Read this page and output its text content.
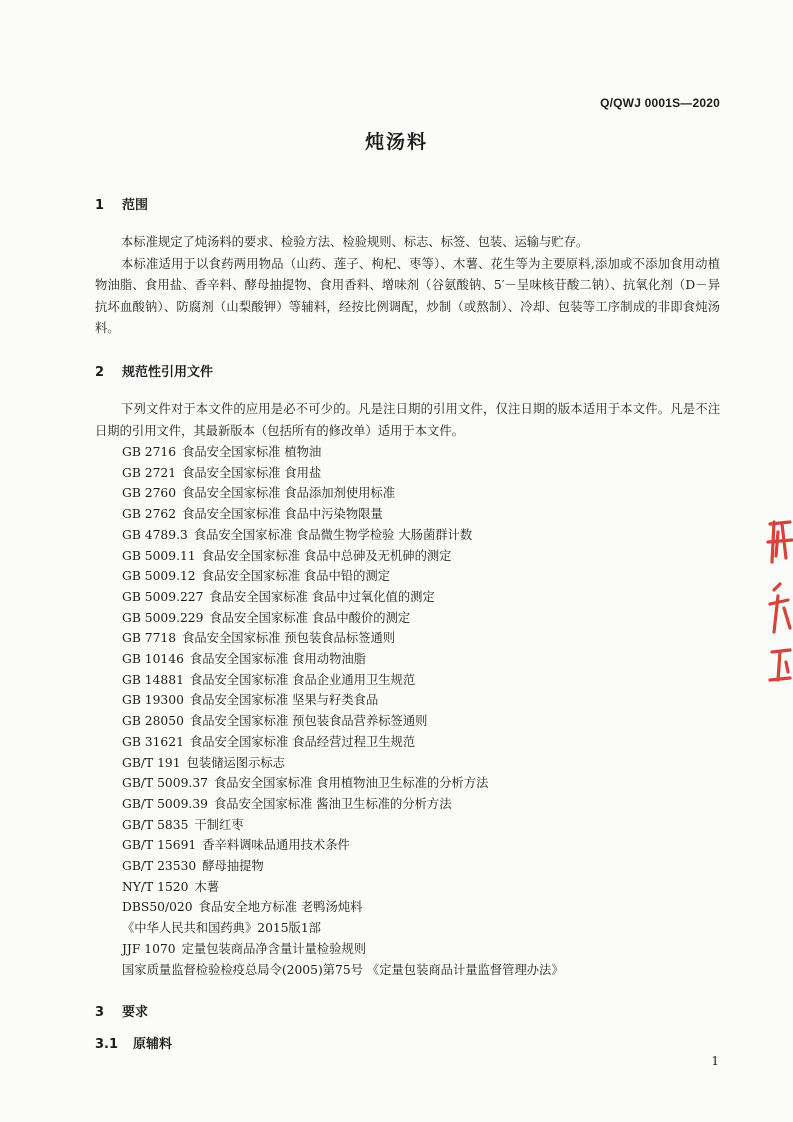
Q/QWJ 0001S—2020
炖汤料
1 范围

本标准规定了炖汤料的要求、检验方法、检验规则、标志、标签、包装、运输与贮存。

本标准适用于以食药两用物品（山药、莲子、枸杞、枣等）、木薯、花生等为主要原料,添加或不添加食用动植物油脂、食用盐、香辛料、酵母抽提物、食用香料、增味剂（谷氨酸钠、5′－呈味核苷酸二钠）、抗氧化剂（D－异抗坏血酸钠）、防腐剂（山梨酸钾）等辅料，经按比例调配，炒制（或熬制）、冷却、包装等工序制成的非即食炖汤料。

2 规范性引用文件

下列文件对于本文件的应用是必不可少的。凡是注日期的引用文件，仅注日期的版本适用于本文件。凡是不注日期的引用文件，其最新版本（包括所有的修改单）适用于本文件。

GB 2716 食品安全国家标准 植物油
GB 2721 食品安全国家标准 食用盐
GB 2760 食品安全国家标准 食品添加剂使用标准
GB 2762 食品安全国家标准 食品中污染物限量
GB 4789.3 食品安全国家标准 食品微生物学检验 大肠菌群计数
GB 5009.11 食品安全国家标准 食品中总砷及无机砷的测定
GB 5009.12 食品安全国家标准 食品中铅的测定
GB 5009.227 食品安全国家标准 食品中过氧化值的测定
GB 5009.229 食品安全国家标准 食品中酸价的测定
GB 7718 食品安全国家标准 预包装食品标签通则
GB 10146 食品安全国家标准 食用动物油脂
GB 14881 食品安全国家标准 食品企业通用卫生规范
GB 19300 食品安全国家标准 坚果与籽类食品
GB 28050 食品安全国家标准 预包装食品营养标签通则
GB 31621 食品安全国家标准 食品经营过程卫生规范
GB/T 191 包装储运图示标志
GB/T 5009.37 食品安全国家标准 食用植物油卫生标准的分析方法
GB/T 5009.39 食品安全国家标准 酱油卫生标准的分析方法
GB/T 5835 干制红枣
GB/T 15691 香辛料调味品通用技术条件
GB/T 23530 酵母抽提物
NY/T 1520 木薯
DBS50/020 食品安全地方标准 老鸭汤炖料
《中华人民共和国药典》2015版1部
JJF 1070 定量包装商品净含量计量检验规则
国家质量监督检验检疫总局令(2005)第75号 《定量包装商品计量监督管理办法》
3 要求
3.1 原辅料
1
